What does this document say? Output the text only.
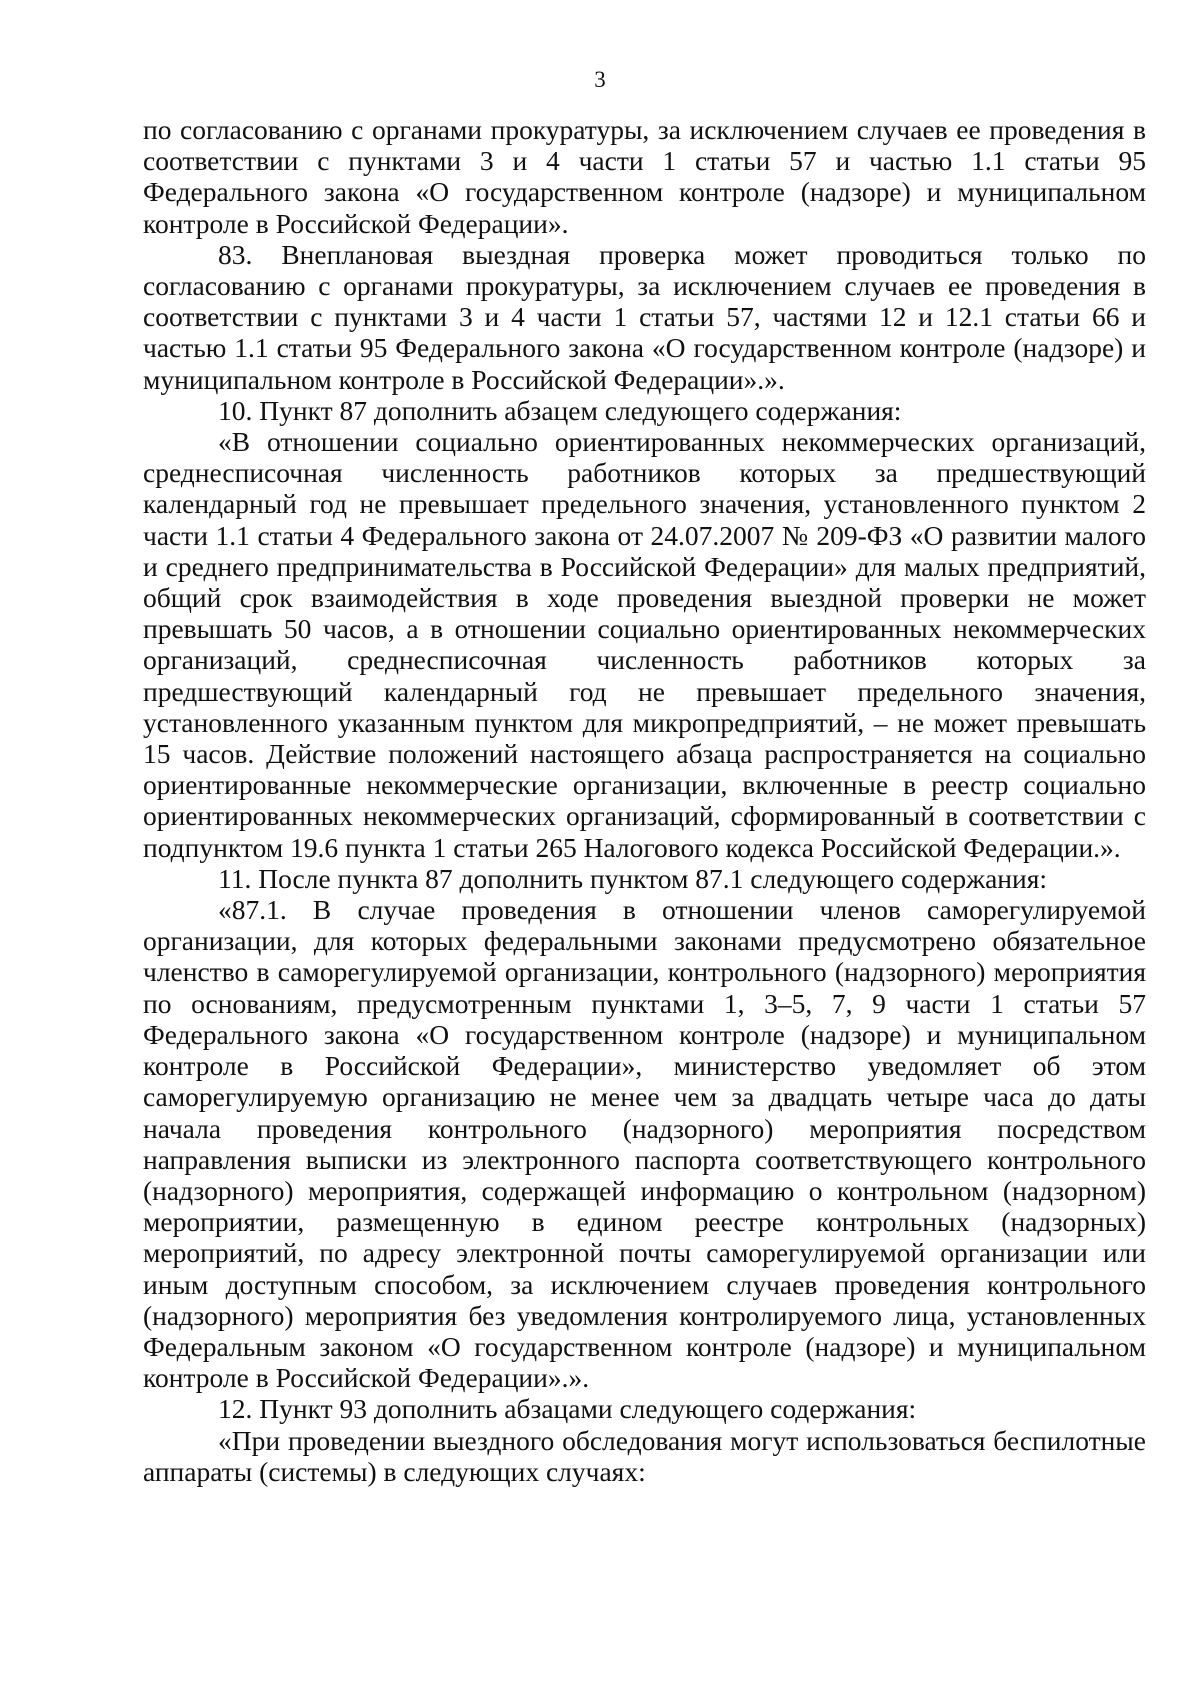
3

по согласованию с органами прокуратуры, за исключением случаев ее проведения в соответствии с пунктами 3 и 4 части 1 статьи 57 и частью 1.1 статьи 95 Федерального закона «О государственном контроле (надзоре) и муниципальном контроле в Российской Федерации».

83. Внеплановая выездная проверка может проводиться только по согласованию с органами прокуратуры, за исключением случаев ее проведения в соответствии с пунктами 3 и 4 части 1 статьи 57, частями 12 и 12.1 статьи 66 и частью 1.1 статьи 95 Федерального закона «О государственном контроле (надзоре) и муниципальном контроле в Российской Федерации».».

10. Пункт 87 дополнить абзацем следующего содержания:

«В отношении социально ориентированных некоммерческих организаций, среднесписочная численность работников которых за предшествующий календарный год не превышает предельного значения, установленного пунктом 2 части 1.1 статьи 4 Федерального закона от 24.07.2007 № 209-ФЗ «О развитии малого и среднего предпринимательства в Российской Федерации» для малых предприятий, общий срок взаимодействия в ходе проведения выездной проверки не может превышать 50 часов, а в отношении социально ориентированных некоммерческих организаций, среднесписочная численность работников которых за предшествующий календарный год не превышает предельного значения, установленного указанным пунктом для микропредприятий, – не может превышать 15 часов. Действие положений настоящего абзаца распространяется на социально ориентированные некоммерческие организации, включенные в реестр социально ориентированных некоммерческих организаций, сформированный в соответствии с подпунктом 19.6 пункта 1 статьи 265 Налогового кодекса Российской Федерации.».

11. После пункта 87 дополнить пунктом 87.1 следующего содержания:

«87.1. В случае проведения в отношении членов саморегулируемой организации, для которых федеральными законами предусмотрено обязательное членство в саморегулируемой организации, контрольного (надзорного) мероприятия по основаниям, предусмотренным пунктами 1, 3–5, 7, 9 части 1 статьи 57 Федерального закона «О государственном контроле (надзоре) и муниципальном контроле в Российской Федерации», министерство уведомляет об этом саморегулируемую организацию не менее чем за двадцать четыре часа до даты начала проведения контрольного (надзорного) мероприятия посредством направления выписки из электронного паспорта соответствующего контрольного (надзорного) мероприятия, содержащей информацию о контрольном (надзорном) мероприятии, размещенную в едином реестре контрольных (надзорных) мероприятий, по адресу электронной почты саморегулируемой организации или иным доступным способом, за исключением случаев проведения контрольного (надзорного) мероприятия без уведомления контролируемого лица, установленных Федеральным законом «О государственном контроле (надзоре) и муниципальном контроле в Российской Федерации».».

12. Пункт 93 дополнить абзацами следующего содержания:

«При проведении выездного обследования могут использоваться беспилотные аппараты (системы) в следующих случаях:
